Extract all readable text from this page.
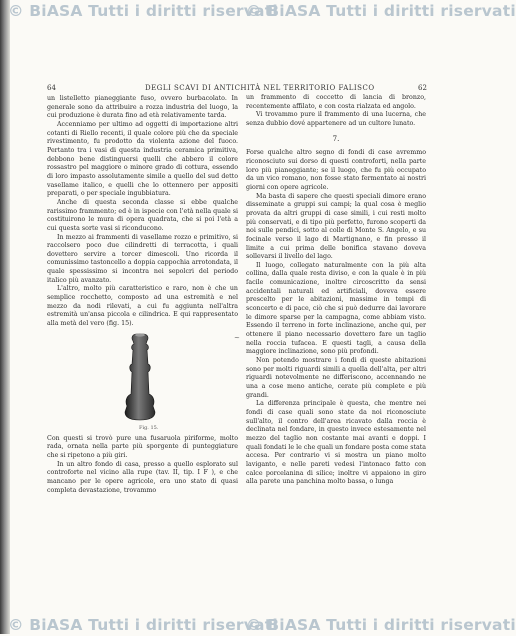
© BiASA Tutti i diritti riservati
© BiASA Tutti i diritti riservati
© BiASA Tutti i diritti riservati
© BiASA Tutti i diritti riservati
64	DEGLI SCAVI DI ANTICHITÀ NEL TERRITORIO FALISCO	62

un listelletto pianeggiante fuso, ovvero burbacolato. In generale sono da attribuire a rozza industria del luogo, la cui produzione è durata fino ad età relativamente tarda.

Accenniamo per ultimo ad oggetti di importazione altri cotanti di Riello recenti, il quale colore più che da speciale rivestimento, fu prodotto da violenta azione del fuoco. Pertanto tra i vasi di questa industria ceramica primitiva, debbono bene distinguersi quelli che abbero il colore rossastro pel maggiore o minore grado di cottura, essendo di loro impasto assolutamente simile a quello del sud detto vasellame italico, e quelli che lo ottennero per appositi preparati, o per speciale ingubbiatura.

Anche di questa seconda classe si ebbe qualche rarissimo frammento; ed è in ispecie con l'età nella quale si costituirono le mura di opera quadrata, che si poi l'età a cui questa sorte vasi si riconducono.

In mezzo ai frammenti di vasellame rozzo e primitivo, si raccolsero poco due cilindretti di terracotta, i quali dovettero servire a torcer dimescoli. Uno ricorda il comunissimo tastoncello a doppia cappochia arrotondata, il quale spessissimo si incontra nei sepolcri del periodo italico più avanzato.

L'altro, molto più caratteristico e raro, non è che un semplice rocchetto, composto ad una estremità e nel mezzo da nodi rilevati, a cui fu aggiunta nell'altra estremità un'ansa piccola e cilindrica. E qui rappresentato alla metà del vero (fig. 15).

Fig. 15.

Con questi si trovò pure una fusaruola piriforme, molto rada, ornata nella parte più sporgente di punteggiature che si ripetono a più giri.

In un altro fondo di casa, presso a quello esplorato sul controforte nel vicino alla rupe (tav. II, tip. I F ), e che mancano per le opere agricole, era uno stato di quasi completa devastazione, trovammo

~

un frammento di coccetto di lancia di bronzo, recentemente affilato, e con costa rialzata ed angolo.

Vi trovammo pure il frammento di una lucerna, che senza dubbio dové appartenere ad un cultore lunato.

7.

Forse qualche altro segno di fondi di case avremmo riconosciuto sui dorso di questi controforti, nella parte loro più pianeggiante; se il luogo, che fu più occupato da un vico romano, non fosse stato fermentato ai nostri giorni con opere agricole.

Ma basta di sapere che questi speciali dimore erano disseminate a gruppi sui campi; la qual cosa è meglio provata da altri gruppi di case simili, i cui resti molto più conservati, e di tipo più perfetto, furono scoperti da noi sulle pendici, sotto al colle di Monte S. Angelo, e su focinale verso il lago di Martignano, e fin presso il limite a cui prima delle bonifica stavano doveva sollevarsi il livello del lago.

Il luogo, collegato naturalmente con la più alta collina, dalla quale resta diviso, e con la quale è in più facile comunicazione, inoltre circoscritto da sensi accidentali naturali ed artificiali, doveva essere prescelto per le abitazioni, massime in tempi di sconcerto e di pace, ciò che si può dedurre dai lavorare le dimore sparse per la campagna, come abbiam visto. Essendo il terreno in forte inclinazione, anche qui, per ottenere il piano necessario dovettero fare un taglio nella roccia tufacea. E questi tagli, a causa della maggiore inclinazione, sono più profondi.

Non potendo mostrare i fondi di queste abitazioni sono per molti riguardi simili a quella dell'alta, per altri riguardi notevolmente ne differiscono, accennando ne una a cose meno antiche, cerate più complete e più grandi.

La differenza principale è questa, che mentre nei fondi di case quali sono state da noi riconosciute sull'alto, il contro dell'area ricavato dalla roccia è declinata nel fondare, in questo invece estesamente nel mezzo del taglio non costante mai avanti e doppi. I quali fondati le le che quali un fondare posta come stata accesa. Per contrario vi si mostra un piano molto laviganto, e nelle pareti vedesi l'intonaco fatto con calce porcelanina di silice; inoltre vi appaiono in giro alla parete una panchina molto bassa, o lunga
